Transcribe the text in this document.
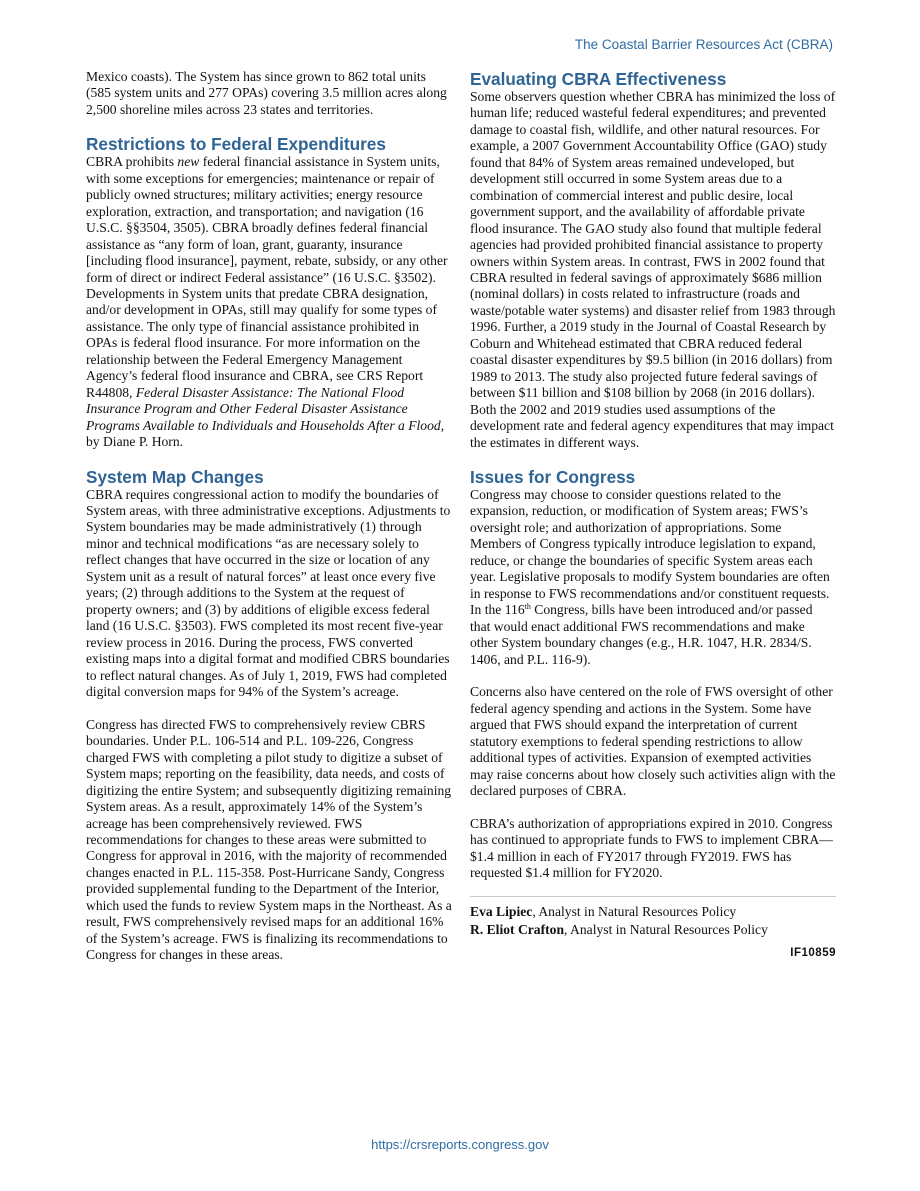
The Coastal Barrier Resources Act (CBRA)

Mexico coasts). The System has since grown to 862 total units (585 system units and 277 OPAs) covering 3.5 million acres along 2,500 shoreline miles across 23 states and territories.

Restrictions to Federal Expenditures

CBRA prohibits new federal financial assistance in System units, with some exceptions for emergencies; maintenance or repair of publicly owned structures; military activities; energy resource exploration, extraction, and transportation; and navigation (16 U.S.C. §§3504, 3505). CBRA broadly defines federal financial assistance as “any form of loan, grant, guaranty, insurance [including flood insurance], payment, rebate, subsidy, or any other form of direct or indirect Federal assistance” (16 U.S.C. §3502). Developments in System units that predate CBRA designation, and/or development in OPAs, still may qualify for some types of assistance. The only type of financial assistance prohibited in OPAs is federal flood insurance. For more information on the relationship between the Federal Emergency Management Agency’s federal flood insurance and CBRA, see CRS Report R44808, Federal Disaster Assistance: The National Flood Insurance Program and Other Federal Disaster Assistance Programs Available to Individuals and Households After a Flood, by Diane P. Horn.

System Map Changes

CBRA requires congressional action to modify the boundaries of System areas, with three administrative exceptions. Adjustments to System boundaries may be made administratively (1) through minor and technical modifications “as are necessary solely to reflect changes that have occurred in the size or location of any System unit as a result of natural forces” at least once every five years; (2) through additions to the System at the request of property owners; and (3) by additions of eligible excess federal land (16 U.S.C. §3503). FWS completed its most recent five-year review process in 2016. During the process, FWS converted existing maps into a digital format and modified CBRS boundaries to reflect natural changes. As of July 1, 2019, FWS had completed digital conversion maps for 94% of the System’s acreage.

Congress has directed FWS to comprehensively review CBRS boundaries. Under P.L. 106-514 and P.L. 109-226, Congress charged FWS with completing a pilot study to digitize a subset of System maps; reporting on the feasibility, data needs, and costs of digitizing the entire System; and subsequently digitizing remaining System areas. As a result, approximately 14% of the System’s acreage has been comprehensively reviewed. FWS recommendations for changes to these areas were submitted to Congress for approval in 2016, with the majority of recommended changes enacted in P.L. 115-358. Post-Hurricane Sandy, Congress provided supplemental funding to the Department of the Interior, which used the funds to review System maps in the Northeast. As a result, FWS comprehensively revised maps for an additional 16% of the System’s acreage. FWS is finalizing its recommendations to Congress for changes in these areas.

Evaluating CBRA Effectiveness

Some observers question whether CBRA has minimized the loss of human life; reduced wasteful federal expenditures; and prevented damage to coastal fish, wildlife, and other natural resources. For example, a 2007 Government Accountability Office (GAO) study found that 84% of System areas remained undeveloped, but development still occurred in some System areas due to a combination of commercial interest and public desire, local government support, and the availability of affordable private flood insurance. The GAO study also found that multiple federal agencies had provided prohibited financial assistance to property owners within System areas. In contrast, FWS in 2002 found that CBRA resulted in federal savings of approximately $686 million (nominal dollars) in costs related to infrastructure (roads and waste/potable water systems) and disaster relief from 1983 through 1996. Further, a 2019 study in the Journal of Coastal Research by Coburn and Whitehead estimated that CBRA reduced federal coastal disaster expenditures by $9.5 billion (in 2016 dollars) from 1989 to 2013. The study also projected future federal savings of between $11 billion and $108 billion by 2068 (in 2016 dollars). Both the 2002 and 2019 studies used assumptions of the development rate and federal agency expenditures that may impact the estimates in different ways.

Issues for Congress

Congress may choose to consider questions related to the expansion, reduction, or modification of System areas; FWS’s oversight role; and authorization of appropriations. Some Members of Congress typically introduce legislation to expand, reduce, or change the boundaries of specific System areas each year. Legislative proposals to modify System boundaries are often in response to FWS recommendations and/or constituent requests. In the 116th Congress, bills have been introduced and/or passed that would enact additional FWS recommendations and make other System boundary changes (e.g., H.R. 1047, H.R. 2834/S. 1406, and P.L. 116-9).

Concerns also have centered on the role of FWS oversight of other federal agency spending and actions in the System. Some have argued that FWS should expand the interpretation of current statutory exemptions to federal spending restrictions to allow additional types of activities. Expansion of exempted activities may raise concerns about how closely such activities align with the declared purposes of CBRA.

CBRA’s authorization of appropriations expired in 2010. Congress has continued to appropriate funds to FWS to implement CBRA—$1.4 million in each of FY2017 through FY2019. FWS has requested $1.4 million for FY2020.

Eva Lipiec, Analyst in Natural Resources Policy
R. Eliot Crafton, Analyst in Natural Resources Policy
IF10859
https://crsreports.congress.gov
